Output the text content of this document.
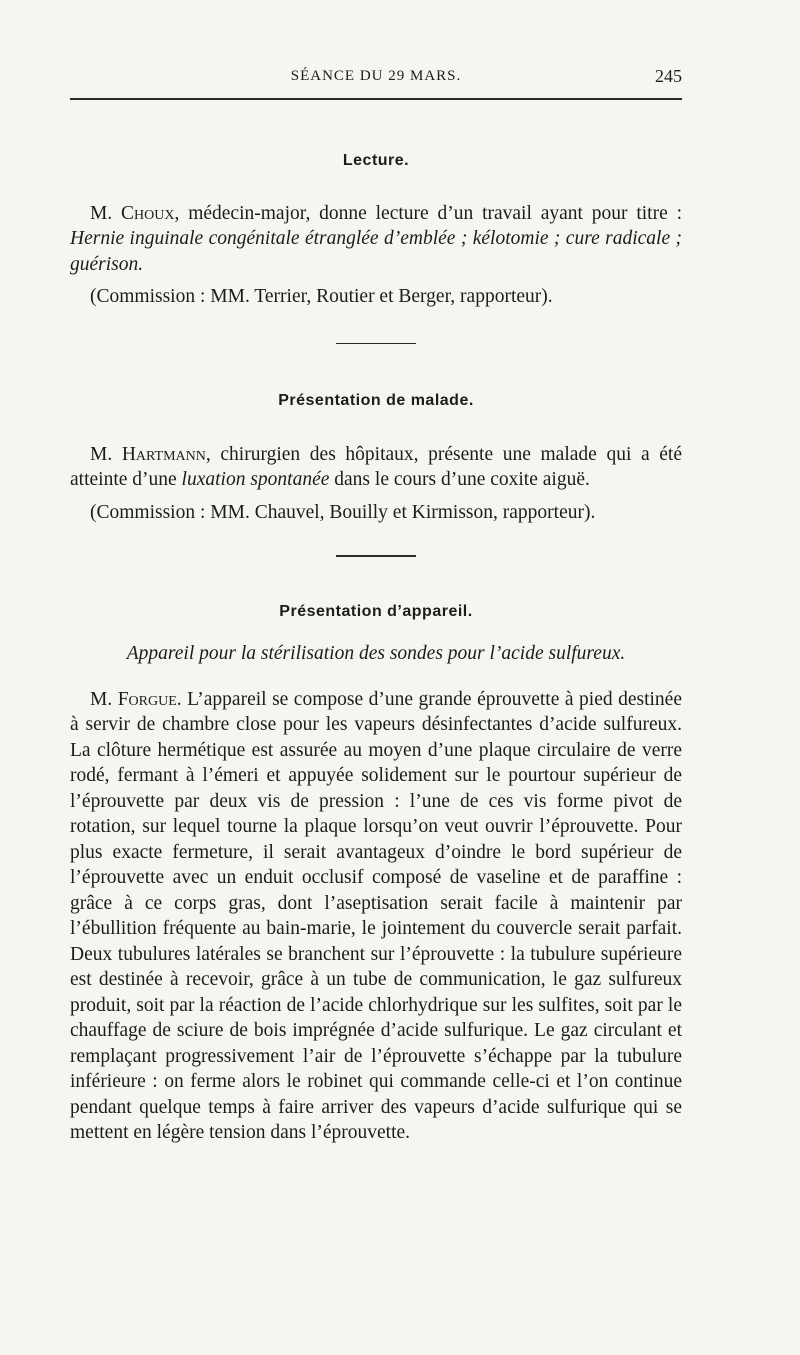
SÉANCE DU 29 MARS.	245
Lecture.

M. Choux, médecin-major, donne lecture d’un travail ayant pour titre : Hernie inguinale congénitale étranglée d’emblée ; kélotomie ; cure radicale ; guérison.

(Commission : MM. Terrier, Routier et Berger, rapporteur).

Présentation de malade.

M. Hartmann, chirurgien des hôpitaux, présente une malade qui a été atteinte d’une luxation spontanée dans le cours d’une coxite aiguë.

(Commission : MM. Chauvel, Bouilly et Kirmisson, rapporteur).

Présentation d’appareil.

Appareil pour la stérilisation des sondes pour l’acide sulfureux.

M. Forgue. L’appareil se compose d’une grande éprouvette à pied destinée à servir de chambre close pour les vapeurs désinfectantes d’acide sulfureux. La clôture hermétique est assurée au moyen d’une plaque circulaire de verre rodé, fermant à l’émeri et appuyée solidement sur le pourtour supérieur de l’éprouvette par deux vis de pression : l’une de ces vis forme pivot de rotation, sur lequel tourne la plaque lorsqu’on veut ouvrir l’éprouvette. Pour plus exacte fermeture, il serait avantageux d’oindre le bord supérieur de l’éprouvette avec un enduit occlusif composé de vaseline et de paraffine : grâce à ce corps gras, dont l’aseptisation serait facile à maintenir par l’ébullition fréquente au bain-marie, le jointement du couvercle serait parfait. Deux tubulures latérales se branchent sur l’éprouvette : la tubulure supérieure est destinée à recevoir, grâce à un tube de communication, le gaz sulfureux produit, soit par la réaction de l’acide chlorhydrique sur les sulfites, soit par le chauffage de sciure de bois imprégnée d’acide sulfurique. Le gaz circulant et remplaçant progressivement l’air de l’éprouvette s’échappe par la tubulure inférieure : on ferme alors le robinet qui commande celle-ci et l’on continue pendant quelque temps à faire arriver des vapeurs d’acide sulfurique qui se mettent en légère tension dans l’éprouvette.
